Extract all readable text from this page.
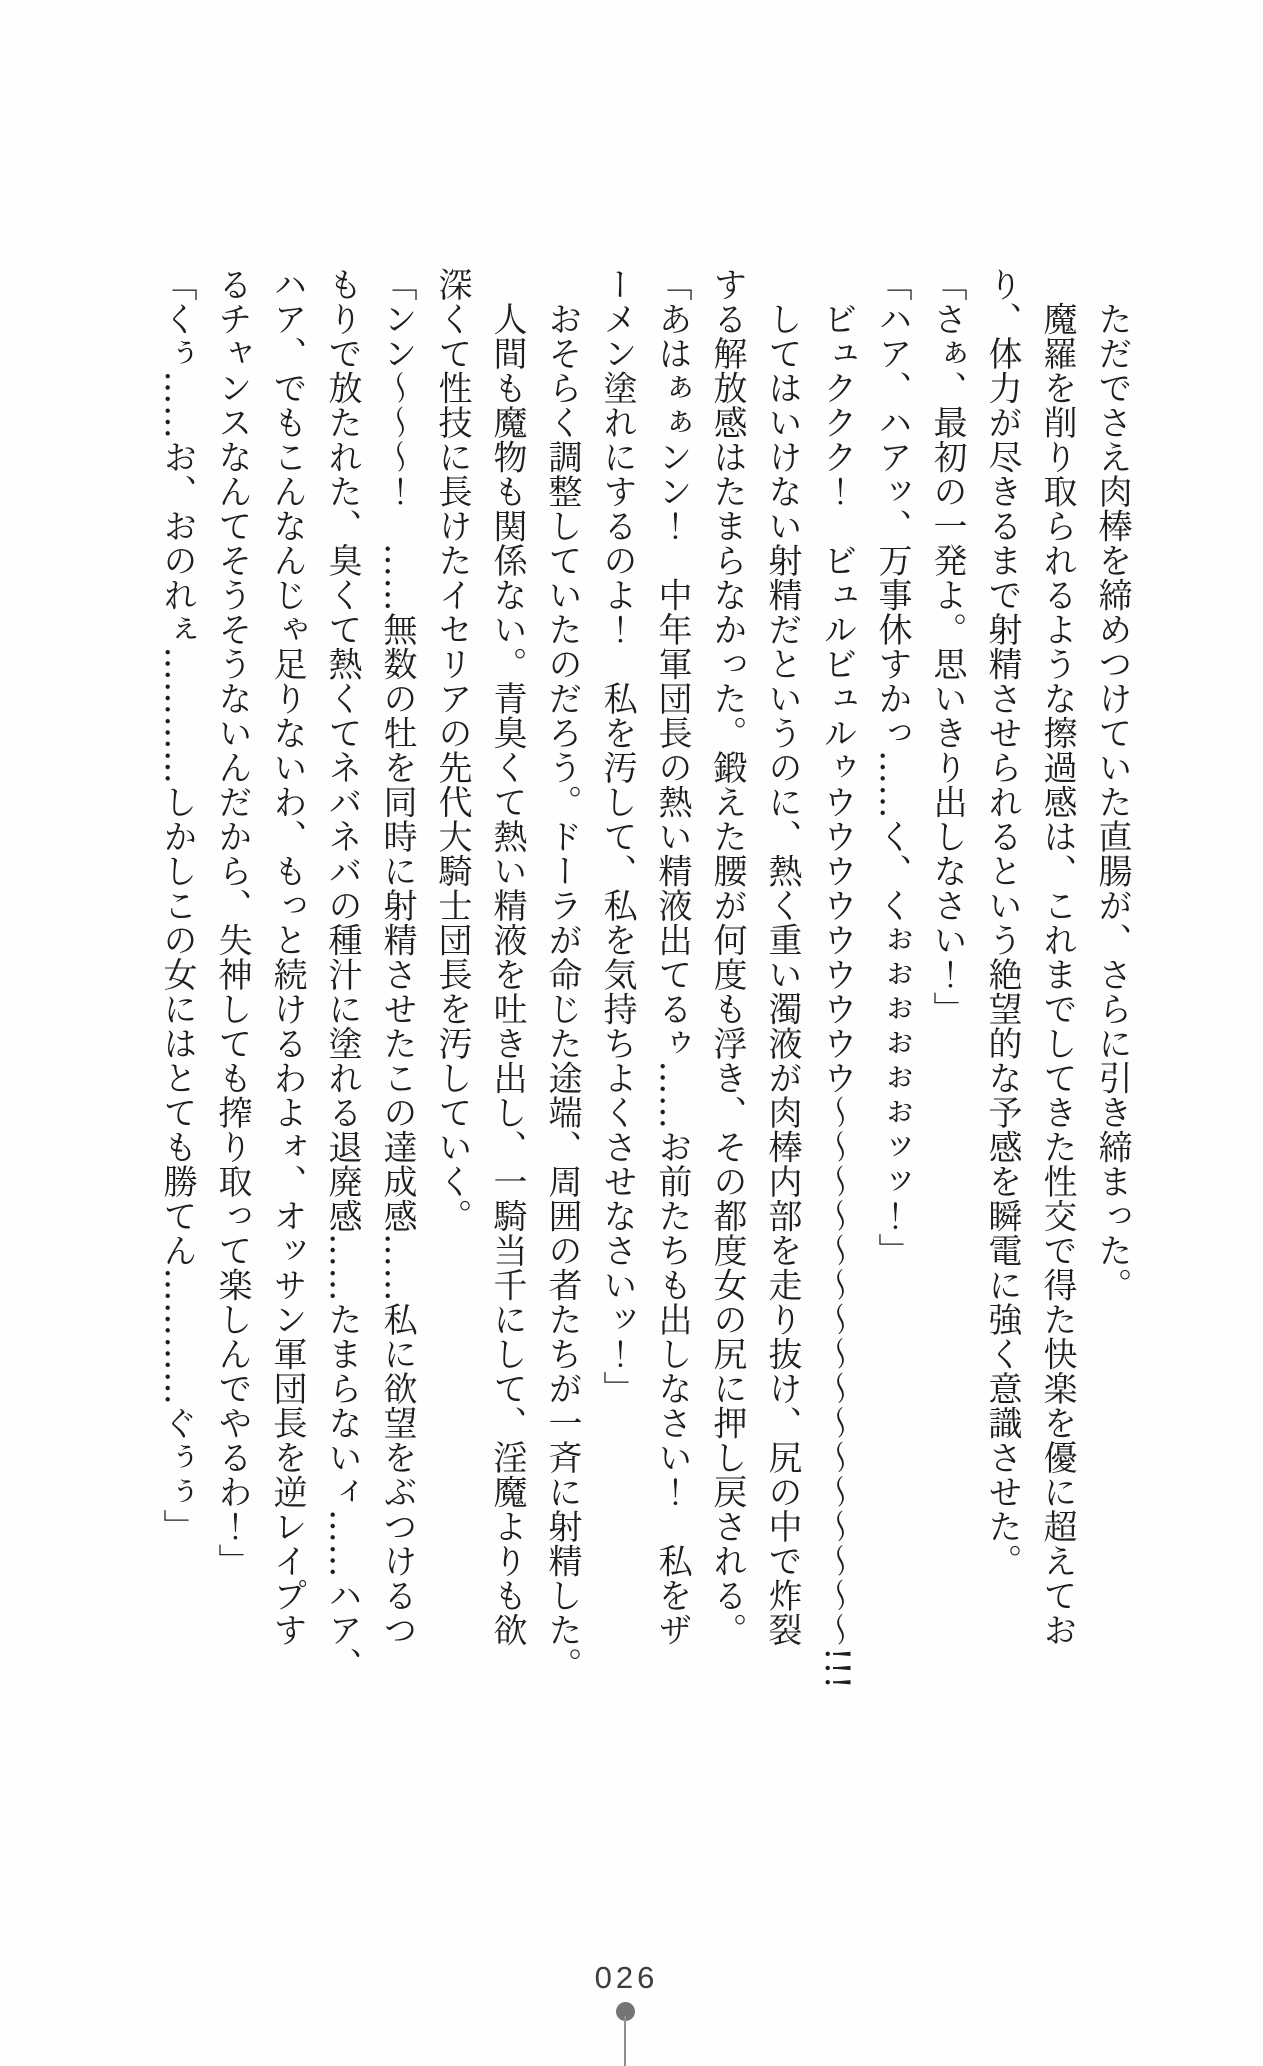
　ただでさえ肉棒を締めつけていた直腸が、さらに引き締まった。

　魔羅を削り取られるような擦過感は、これまでしてきた性交で得た快楽を優に超えてお

り、体力が尽きるまで射精させられるという絶望的な予感を瞬電に強く意識させた。

「さぁ、最初の一発よ。思いきり出しなさい！」

「ハア、ハアッ、万事休すかっ……く、くぉぉぉぉぉぉッッ！」

　ビュククク！　ビュルビュルゥウウウウウウウウウ〜〜〜〜〜〜〜〜〜〜〜〜〜〜〜〜!!!

　してはいけない射精だというのに、熱く重い濁液が肉棒内部を走り抜け、尻の中で炸裂

する解放感はたまらなかった。鍛えた腰が何度も浮き、その都度女の尻に押し戻される。

「あはぁぁンン！　中年軍団長の熱い精液出てるゥ……お前たちも出しなさい！　私をザ

ーメン塗れにするのよ！　私を汚して、私を気持ちよくさせなさいッ！」

　おそらく調整していたのだろう。ドーラが命じた途端、周囲の者たちが一斉に射精した。

　人間も魔物も関係ない。青臭くて熱い精液を吐き出し、一騎当千にして、淫魔よりも欲

深くて性技に長けたイセリアの先代大騎士団長を汚していく。

「ンン〜〜〜！　……無数の牡を同時に射精させたこの達成感……私に欲望をぶつけるつ

もりで放たれた、臭くて熱くてネバネバの種汁に塗れる退廃感……たまらないィ……ハア、

ハア、でもこんなんじゃ足りないわ、もっと続けるわよォ、オッサン軍団長を逆レイプす

るチャンスなんてそうそうないんだから、失神しても搾り取って楽しんでやるわ！」

「くぅ……お、おのれぇ…………しかしこの女にはとても勝てん…………ぐぅぅ」

026
